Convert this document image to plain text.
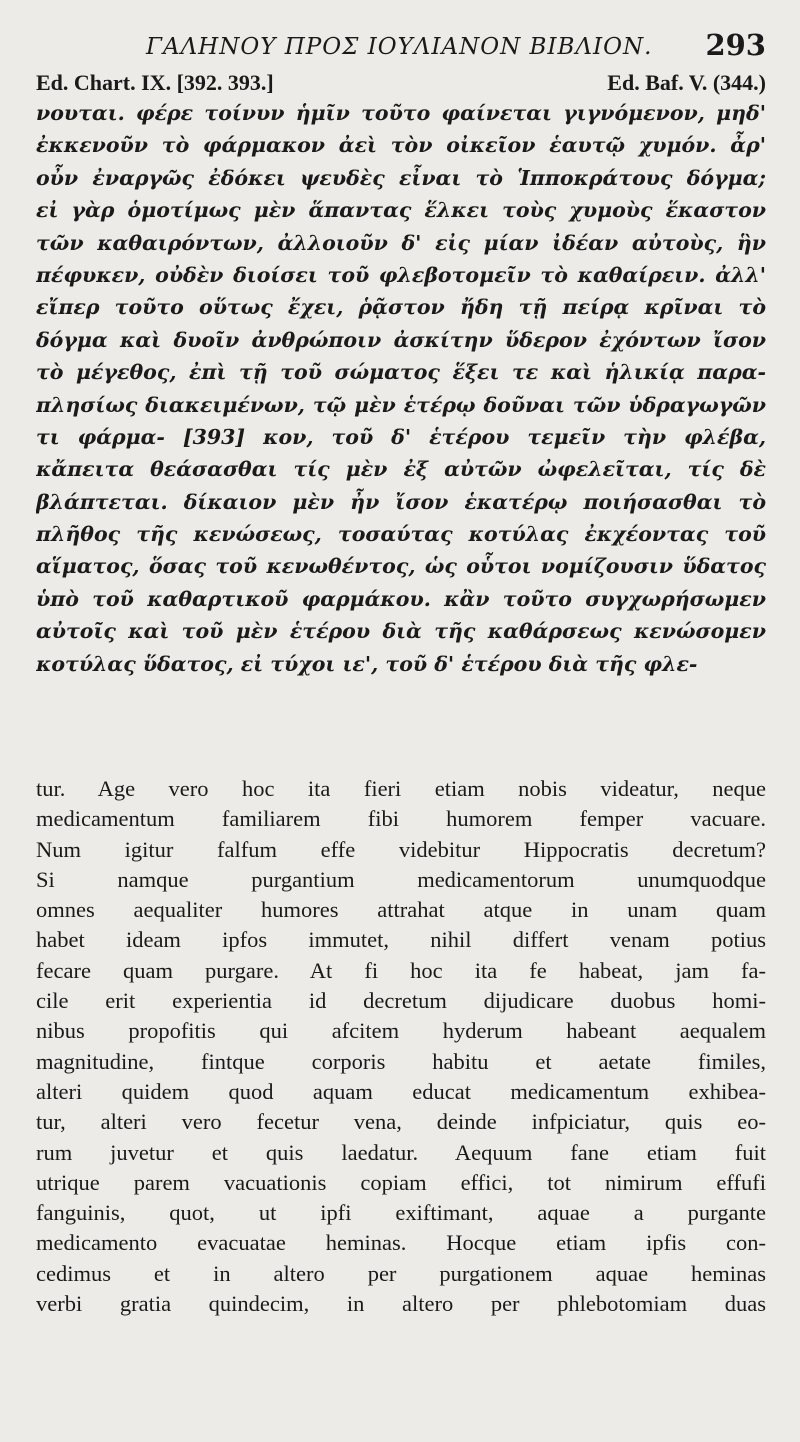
ΓΑΛΗΝΟΥ ΠΡΟΣ ΙΟΥΛΙΑΝΟΝ ΒΙΒΛΙΟΝ. 293
Ed. Chart. IX. [392. 393.]	Ed. Baf. V. (344.)
νουται. φέρε τοίνυν ἡμῖν τοῦτο φαίνεται γιγνόμενον, μηδ'
ἐκκενοῦν τὸ φάρμακον ἀεὶ τὸν οἰκεῖον ἑαυτῷ χυμόν. ἆρ'
οὖν ἐναργῶς ἐδόκει ψευδὲς εἶναι τὸ Ἱπποκράτους δόγμα;
εἰ γὰρ ὁμοτίμως μὲν ἅπαντας ἕλκει τοὺς χυμοὺς ἕκαστον
τῶν καθαιρόντων, ἀλλοιοῦν δ' εἰς μίαν ἰδέαν αὐτοὺς, ἣν
πέφυκεν, οὐδὲν διοίσει τοῦ φλεβοτομεῖν τὸ καθαίρειν. ἀλλ'
εἴπερ τοῦτο οὕτως ἔχει, ῥᾷστον ἤδη τῇ πείρᾳ κρῖναι τὸ
δόγμα καὶ δυοῖν ἀνθρώποιν ἀσκίτην ὕδερον ἐχόντων ἴσον
τὸ μέγεθος, ἐπὶ τῇ τοῦ σώματος ἕξει τε καὶ ἡλικίᾳ παρα-
πλησίως διακειμένων, τῷ μὲν ἑτέρῳ δοῦναι τῶν ὑδραγωγῶν
τι φάρμα- [393] κον, τοῦ δ' ἑτέρου τεμεῖν τὴν φλέβα,
κἄπειτα θεάσασθαι τίς μὲν ἐξ αὐτῶν ὠφελεῖται, τίς δὲ
βλάπτεται. δίκαιον μὲν ἦν ἴσον ἑκατέρῳ ποιήσασθαι τὸ
πλῆθος τῆς κενώσεως, τοσαύτας κοτύλας ἐκχέοντας τοῦ
αἵματος, ὅσας τοῦ κενωθέντος, ὡς οὗτοι νομίζουσιν ὕδατος
ὑπὸ τοῦ καθαρτικοῦ φαρμάκου. κἂν τοῦτο συγχωρήσωμεν
αὐτοῖς καὶ τοῦ μὲν ἑτέρου διὰ τῆς καθάρσεως κενώσομεν
κοτύλας ὕδατος, εἰ τύχοι ιε', τοῦ δ' ἑτέρου διὰ τῆς φλε-
tur. Age vero hoc ita fieri etiam nobis videatur, neque
medicamentum familiarem fibi humorem femper vacuare.
Num igitur falfum effe videbitur Hippocratis decretum?
Si namque purgantium medicamentorum unumquodque
omnes aequaliter humores attrahat atque in unam quam
habet ideam ipfos immutet, nihil differt venam potius
fecare quam purgare. At fi hoc ita fe habeat, jam fa-
cile erit experientia id decretum dijudicare duobus homi-
nibus propofitis qui afcitem hyderum habeant aequalem
magnitudine, fintque corporis habitu et aetate fimiles,
alteri quidem quod aquam educat medicamentum exhibea-
tur, alteri vero fecetur vena, deinde infpiciatur, quis eo-
rum juvetur et quis laedatur. Aequum fane etiam fuit
utrique parem vacuationis copiam effici, tot nimirum effufi
fanguinis, quot, ut ipfi exiftimant, aquae a purgante
medicamento evacuatae heminas. Hocque etiam ipfis con-
cedimus et in altero per purgationem aquae heminas
verbi gratia quindecim, in altero per phlebotomiam duas
